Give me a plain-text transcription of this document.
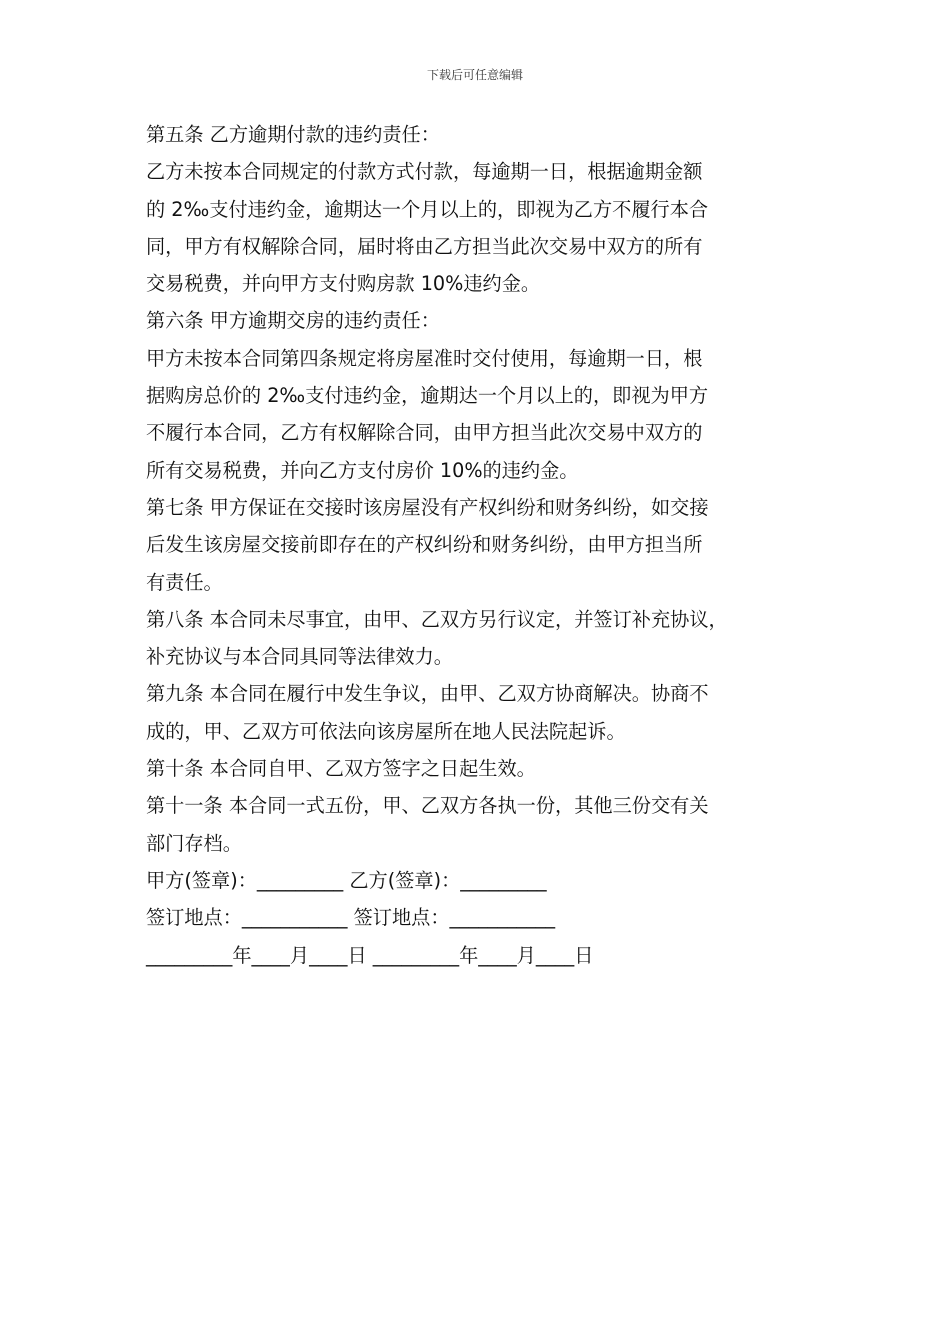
下载后可任意编辑

第五条 乙方逾期付款的违约责任：

乙方未按本合同规定的付款方式付款，每逾期一日，根据逾期金额

的 2‰支付违约金，逾期达一个月以上的，即视为乙方不履行本合

同，甲方有权解除合同，届时将由乙方担当此次交易中双方的所有

交易税费，并向甲方支付购房款 10%违约金。

第六条 甲方逾期交房的违约责任：

甲方未按本合同第四条规定将房屋准时交付使用，每逾期一日，根

据购房总价的 2‰支付违约金，逾期达一个月以上的，即视为甲方

不履行本合同，乙方有权解除合同，由甲方担当此次交易中双方的

所有交易税费，并向乙方支付房价 10%的违约金。

第七条 甲方保证在交接时该房屋没有产权纠纷和财务纠纷，如交接

后发生该房屋交接前即存在的产权纠纷和财务纠纷，由甲方担当所

有责任。

第八条 本合同未尽事宜，由甲、乙双方另行议定，并签订补充协议，

补充协议与本合同具同等法律效力。

第九条 本合同在履行中发生争议，由甲、乙双方协商解决。协商不

成的，甲、乙双方可依法向该房屋所在地人民法院起诉。

第十条 本合同自甲、乙双方签字之日起生效。

第十一条 本合同一式五份，甲、乙双方各执一份，其他三份交有关

部门存档。

甲方(签章)：_________ 乙方(签章)：_________

签订地点：___________ 签订地点：___________

_________年____月____日 _________年____月____日
